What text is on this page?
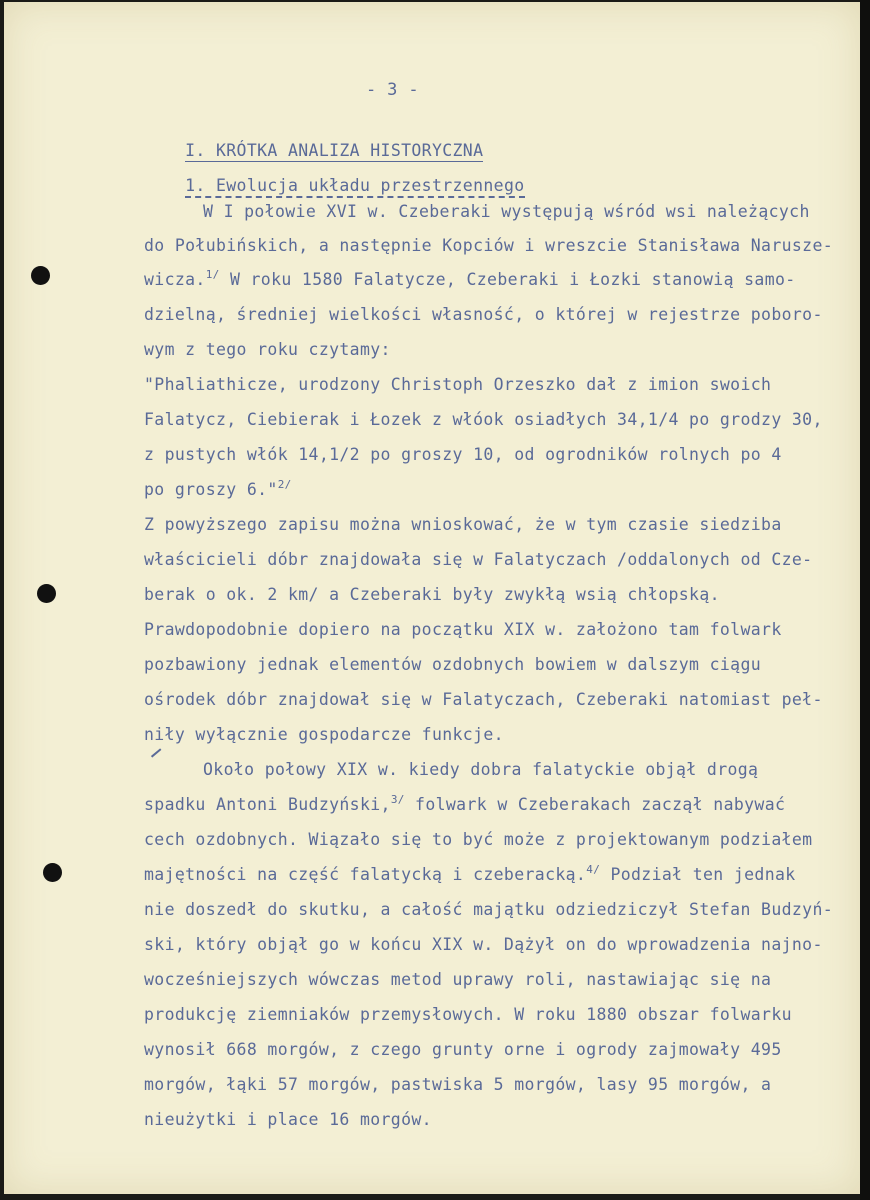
- 3 -

I. KRÓTKA ANALIZA HISTORYCZNA

1. Ewolucja układu przestrzennego

W I połowie XVI w. Czeberaki występują wśród wsi należących
do Połubińskich, a następnie Kopciów i wreszcie Stanisława Narusze-
wicza.$^{1/}$ W roku 1580 Falatycze, Czeberaki i Łozki stanowią samo-
dzielną, średniej wielkości własność, o której w rejestrze poboro-
wym z tego roku czytamy:
"Phaliathicze, urodzony Christoph Orzeszko dał z imion swoich
Falatycz, Ciebierak i Łozek z włóok osiadłych 34,1/4 po grodzy 30,
z pustych włók 14,1/2 po groszy 10, od ogrodników rolnych po 4
po groszy 6."$^{2/}$
Z powyższego zapisu można wnioskować, że w tym czasie siedziba
właścicieli dóbr znajdowała się w Falatyczach /oddalonych od Cze-
berak o ok. 2 km/ a Czeberaki były zwykłą wsią chłopską.
Prawdopodobnie dopiero na początku XIX w. założono tam folwark
pozbawiony jednak elementów ozdobnych bowiem w dalszym ciągu
ośrodek dóbr znajdował się w Falatyczach, Czeberaki natomiast peł-
niły wyłącznie gospodarcze funkcje.
Około połowy XIX w. kiedy dobra falatyckie objął drogą
spadku Antoni Budzyński,$^{3/}$ folwark w Czeberakach zaczął nabywać
cech ozdobnych. Wiązało się to być może z projektowanym podziałem
majętności na część falatycką i czeberacką.$^{4/}$ Podział ten jednak
nie doszedł do skutku, a całość majątku odziedziczył Stefan Budzyń-
ski, który objął go w końcu XIX w. Dążył on do wprowadzenia najno-
wocześniejszych wówczas metod uprawy roli, nastawiając się na
produkcję ziemniaków przemysłowych. W roku 1880 obszar folwarku
wynosił 668 morgów, z czego grunty orne i ogrody zajmowały 495
morgów, łąki 57 morgów, pastwiska 5 morgów, lasy 95 morgów, a
nieużytki i place 16 morgów.
